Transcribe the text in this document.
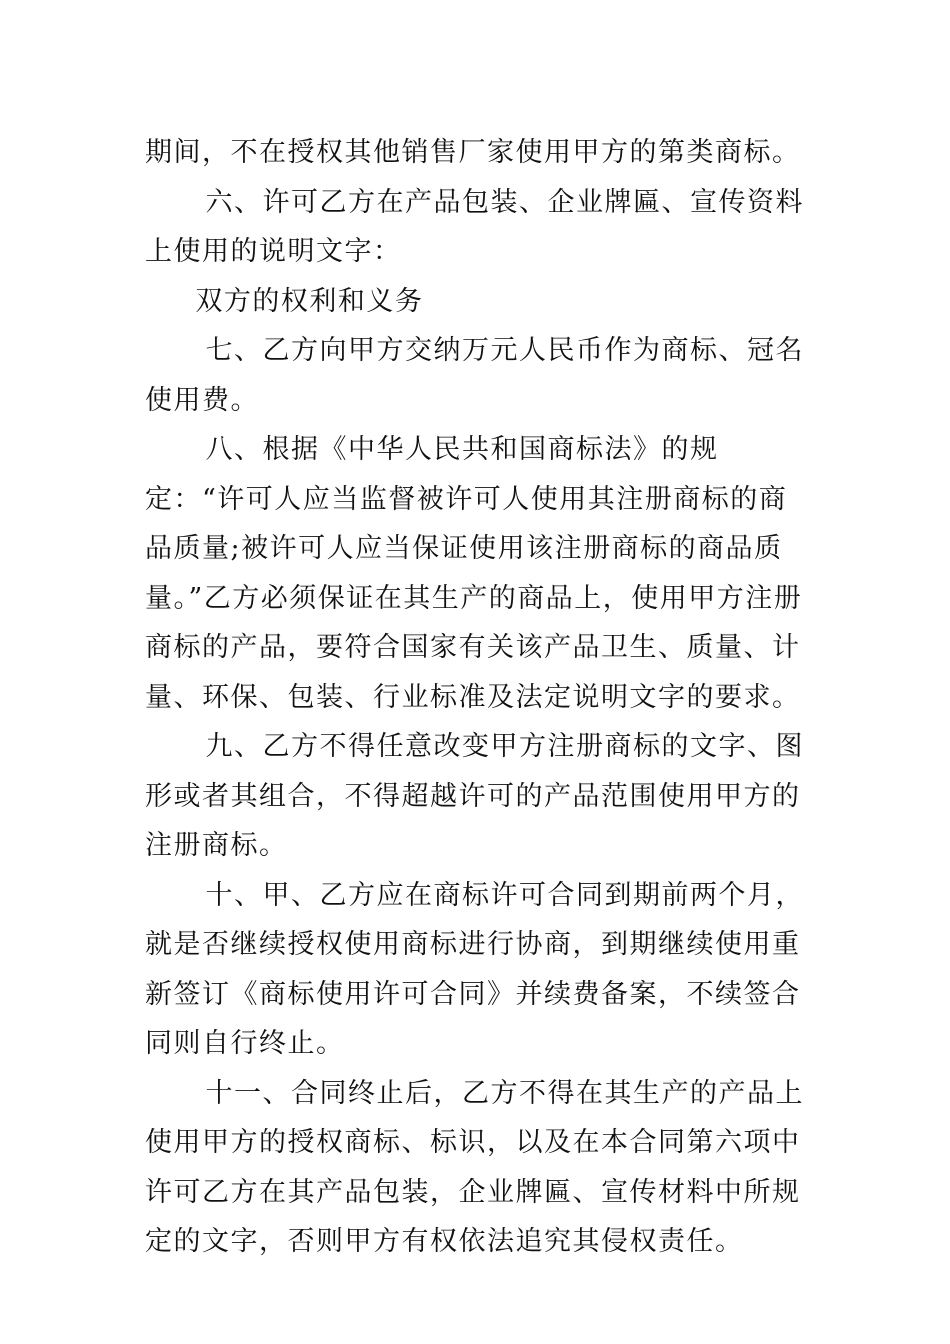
期间，不在授权其他销售厂家使用甲方的第类商标。

六、许可乙方在产品包装、企业牌匾、宣传资料上使用的说明文字：

双方的权利和义务

七、乙方向甲方交纳万元人民币作为商标、冠名使用费。

八、根据《中华人民共和国商标法》的规定：“许可人应当监督被许可人使用其注册商标的商品质量;被许可人应当保证使用该注册商标的商品质量。”乙方必须保证在其生产的商品上，使用甲方注册商标的产品，要符合国家有关该产品卫生、质量、计量、环保、包装、行业标准及法定说明文字的要求。

九、乙方不得任意改变甲方注册商标的文字、图形或者其组合，不得超越许可的产品范围使用甲方的注册商标。

十、甲、乙方应在商标许可合同到期前两个月，就是否继续授权使用商标进行协商，到期继续使用重新签订《商标使用许可合同》并续费备案，不续签合同则自行终止。

十一、合同终止后，乙方不得在其生产的产品上使用甲方的授权商标、标识，以及在本合同第六项中许可乙方在其产品包装，企业牌匾、宣传材料中所规定的文字，否则甲方有权依法追究其侵权责任。
